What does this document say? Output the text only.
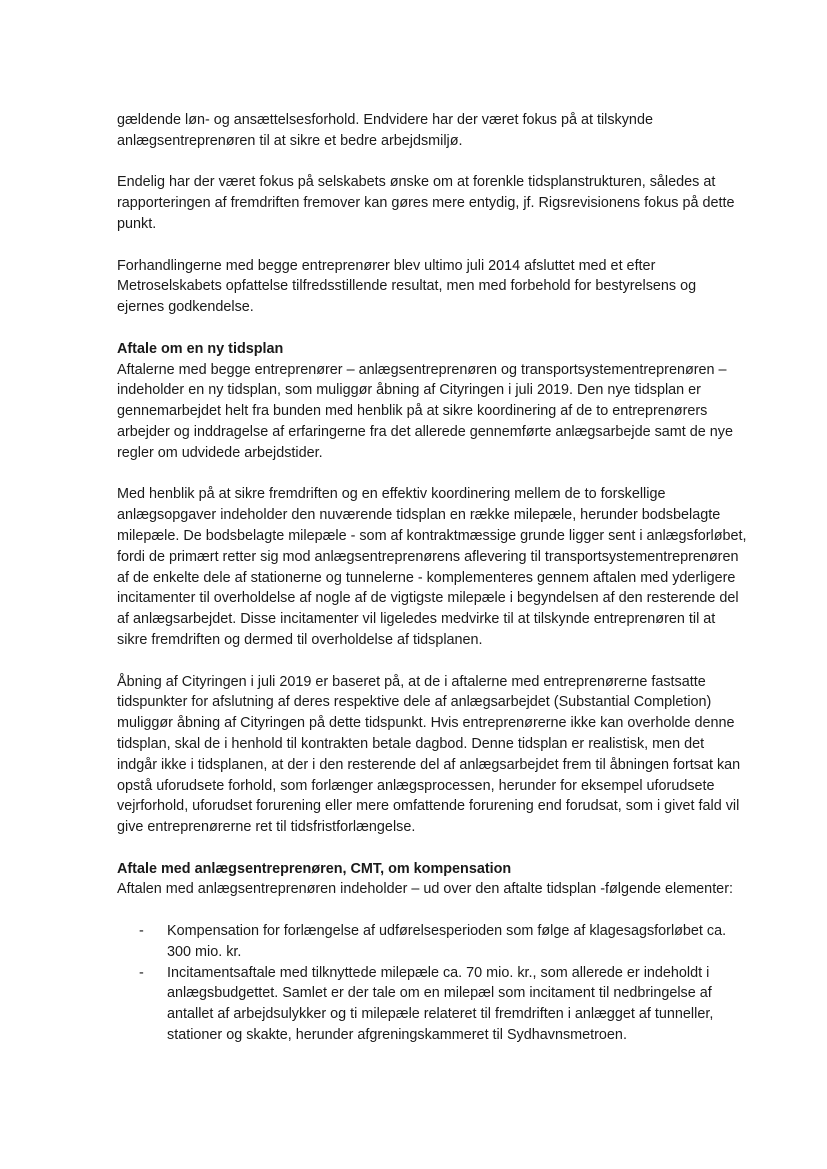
gældende løn- og ansættelsesforhold. Endvidere har der været fokus på at tilskynde anlægsentreprenøren til at sikre et bedre arbejdsmiljø.

Endelig har der været fokus på selskabets ønske om at forenkle tidsplanstrukturen, således at rapporteringen af fremdriften fremover kan gøres mere entydig, jf. Rigsrevisionens fokus på dette punkt.

Forhandlingerne med begge entreprenører blev ultimo juli 2014 afsluttet med et efter Metroselskabets opfattelse tilfredsstillende resultat, men med forbehold for bestyrelsens og ejernes godkendelse.

Aftale om en ny tidsplan

Aftalerne med begge entreprenører – anlægsentreprenøren og transportsystementreprenøren – indeholder en ny tidsplan, som muliggør åbning af Cityringen i juli 2019. Den nye tidsplan er gennemarbejdet helt fra bunden med henblik på at sikre koordinering af de to entreprenørers arbejder og inddragelse af erfaringerne fra det allerede gennemførte anlægsarbejde samt de nye regler om udvidede arbejdstider.

Med henblik på at sikre fremdriften og en effektiv koordinering mellem de to forskellige anlægsopgaver indeholder den nuværende tidsplan en række milepæle, herunder bodsbelagte milepæle. De bodsbelagte milepæle - som af kontraktmæssige grunde ligger sent i anlægsforløbet, fordi de primært retter sig mod anlægsentreprenørens aflevering til transportsystementreprenøren af de enkelte dele af stationerne og tunnelerne - komplementeres gennem aftalen med yderligere incitamenter til overholdelse af nogle af de vigtigste milepæle i begyndelsen af den resterende del af anlægsarbejdet. Disse incitamenter vil ligeledes medvirke til at tilskynde entreprenøren til at sikre fremdriften og dermed til overholdelse af tidsplanen.

Åbning af Cityringen i juli 2019 er baseret på, at de i aftalerne med entreprenørerne fastsatte tidspunkter for afslutning af deres respektive dele af anlægsarbejdet (Substantial Completion) muliggør åbning af Cityringen på dette tidspunkt. Hvis entreprenørerne ikke kan overholde denne tidsplan, skal de i henhold til kontrakten betale dagbod. Denne tidsplan er realistisk, men det indgår ikke i tidsplanen, at der i den resterende del af anlægsarbejdet frem til åbningen fortsat kan opstå uforudsete forhold, som forlænger anlægsprocessen, herunder for eksempel uforudsete vejrforhold, uforudset forurening eller mere omfattende forurening end forudsat, som i givet fald vil give entreprenørerne ret til tidsfristforlængelse.

Aftale med anlægsentreprenøren, CMT, om kompensation

Aftalen med anlægsentreprenøren indeholder – ud over den aftalte tidsplan -følgende elementer:

- Kompensation for forlængelse af udførelsesperioden som følge af klagesagsforløbet ca. 300 mio. kr.
- Incitamentsaftale med tilknyttede milepæle ca. 70 mio. kr., som allerede er indeholdt i anlægsbudgettet. Samlet er der tale om en milepæl som incitament til nedbringelse af antallet af arbejdsulykker og ti milepæle relateret til fremdriften i anlægget af tunneller, stationer og skakte, herunder afgreningskammeret til Sydhavnsmetroen.
